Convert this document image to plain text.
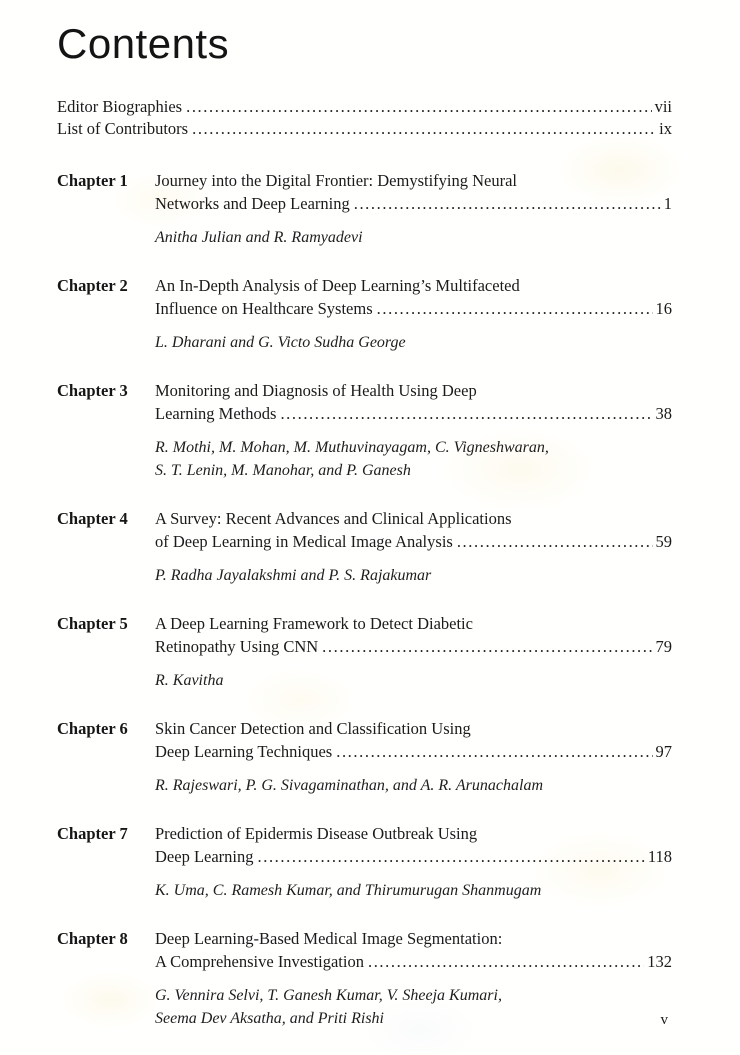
Contents
Editor Biographies .....	vii
List of Contributors .....	ix
Chapter 1	Journey into the Digital Frontier: Demystifying Neural
Networks and Deep Learning .....	1
Anitha Julian and R. Ramyadevi
Chapter 2	An In-Depth Analysis of Deep Learning’s Multifaceted
Influence on Healthcare Systems .....	16
L. Dharani and G. Victo Sudha George
Chapter 3	Monitoring and Diagnosis of Health Using Deep
Learning Methods .....	38
R. Mothi, M. Mohan, M. Muthuvinayagam, C. Vigneshwaran,
S. T. Lenin, M. Manohar, and P. Ganesh
Chapter 4	A Survey: Recent Advances and Clinical Applications
of Deep Learning in Medical Image Analysis .....	59
P. Radha Jayalakshmi and P. S. Rajakumar
Chapter 5	A Deep Learning Framework to Detect Diabetic
Retinopathy Using CNN .....	79
R. Kavitha
Chapter 6	Skin Cancer Detection and Classification Using
Deep Learning Techniques .....	97
R. Rajeswari, P. G. Sivagaminathan, and A. R. Arunachalam
Chapter 7	Prediction of Epidermis Disease Outbreak Using
Deep Learning .....	118
K. Uma, C. Ramesh Kumar, and Thirumurugan Shanmugam
Chapter 8	Deep Learning-Based Medical Image Segmentation:
A Comprehensive Investigation .....	132
G. Vennira Selvi, T. Ganesh Kumar, V. Sheeja Kumari,
Seema Dev Aksatha, and Priti Rishi	v
